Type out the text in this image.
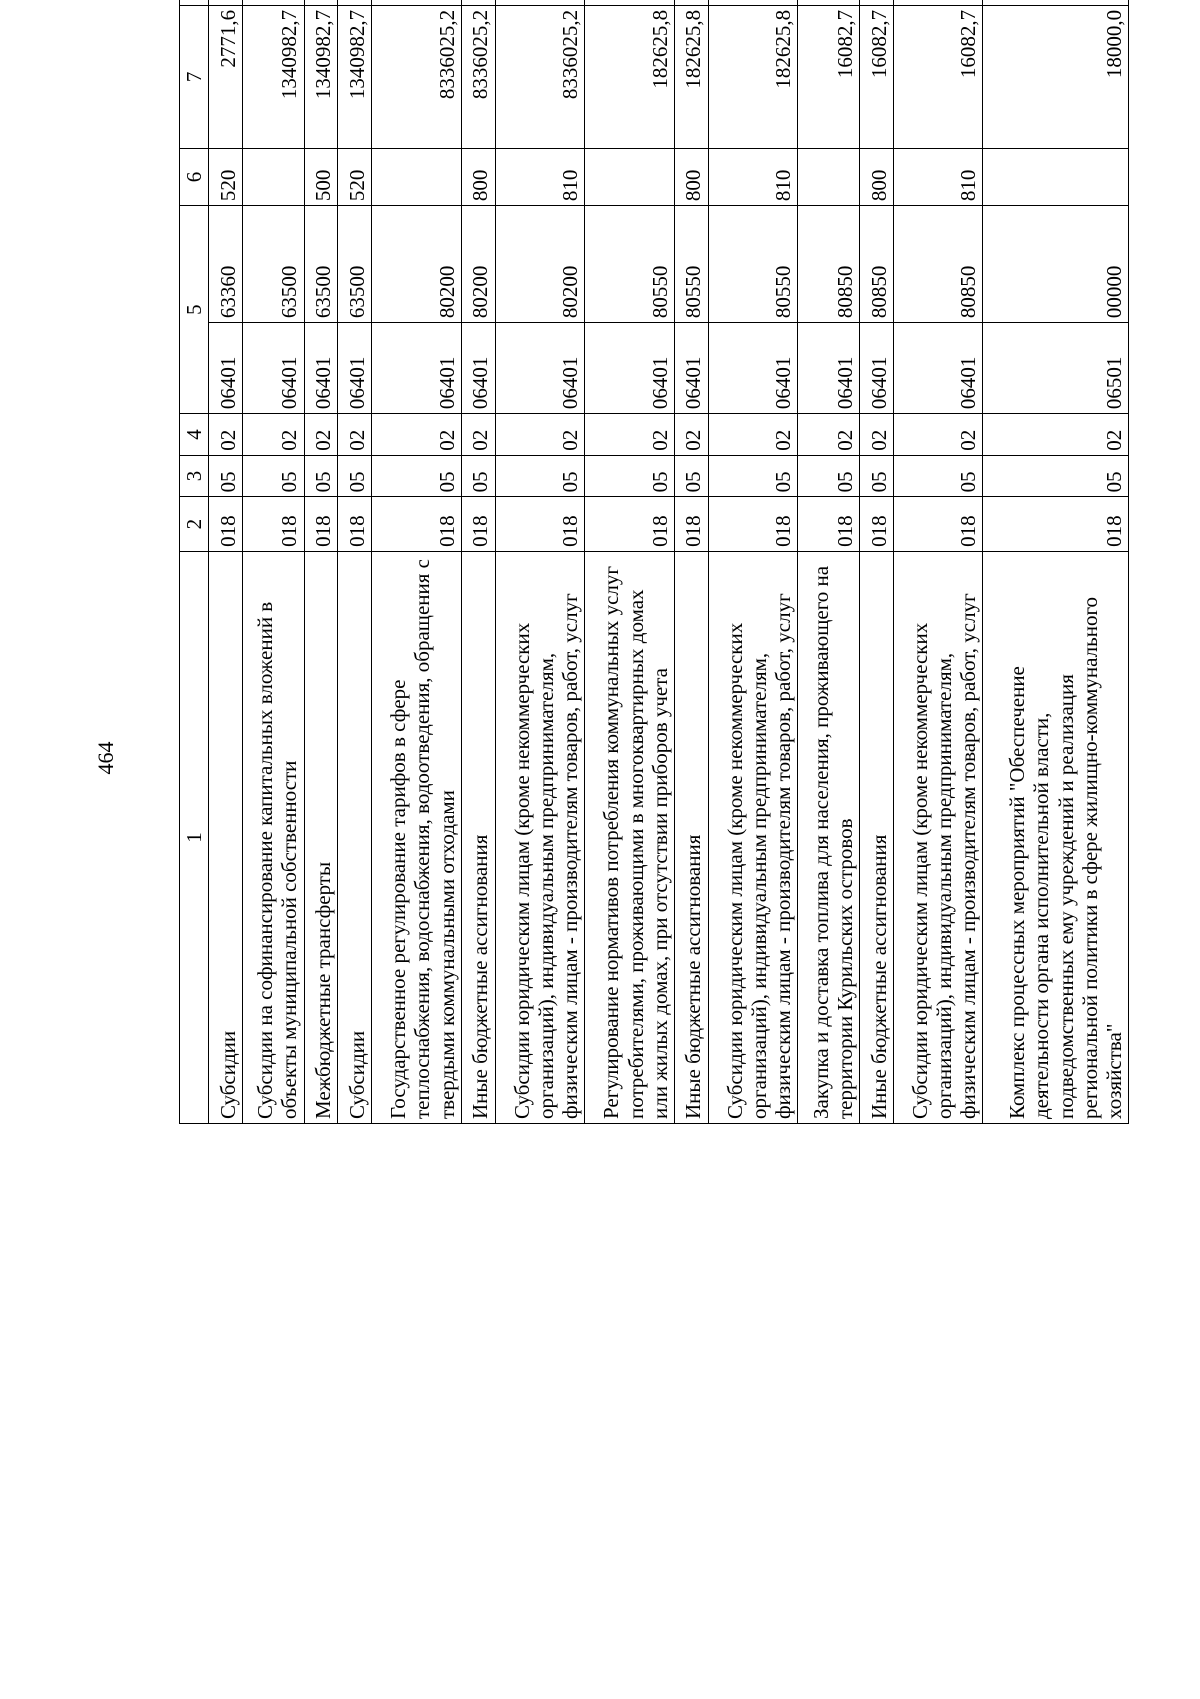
464
1	2	3	4	5		6	7		
Субсидии	018	05	02	06401	63360	520	2771,6		
Субсидии на софинансирование капитальных вложений в объекты муниципальной собственности	018	05	02	06401	63500		1340982,7		
Межбюджетные трансферты	018	05	02	06401	63500	500	1340982,7		
Субсидии	018	05	02	06401	63500	520	1340982,7		
Государственное регулирование тарифов в сфере теплоснабжения, водоснабжения, водоотведения, обращения с твердыми коммунальными отходами	018	05	02	06401	80200		8336025,2		
Иные бюджетные ассигнования	018	05	02	06401	80200	800	8336025,2		
Субсидии юридическим лицам (кроме некоммерческих организаций), индивидуальным предпринимателям, физическим лицам - производителям товаров, работ, услуг	018	05	02	06401	80200	810	8336025,2		
Регулирование нормативов потребления коммунальных услуг потребителями, проживающими в многоквартирных домах или жилых домах, при отсутствии приборов учета	018	05	02	06401	80550		182625,8		
Иные бюджетные ассигнования	018	05	02	06401	80550	800	182625,8		
Субсидии юридическим лицам (кроме некоммерческих организаций), индивидуальным предпринимателям, физическим лицам - производителям товаров, работ, услуг	018	05	02	06401	80550	810	182625,8		
Закупка и доставка топлива для населения, проживающего на территории Курильских островов	018	05	02	06401	80850		16082,7		
Иные бюджетные ассигнования	018	05	02	06401	80850	800	16082,7		
Субсидии юридическим лицам (кроме некоммерческих организаций), индивидуальным предпринимателям, физическим лицам - производителям товаров, работ, услуг	018	05	02	06401	80850	810	16082,7		
Комплекс процессных мероприятий "Обеспечение деятельности органа исполнительной власти, подведомственных ему учреждений и реализация региональной политики в сфере жилищно-коммунального хозяйства"	018	05	02	06501	00000		18000,0		
